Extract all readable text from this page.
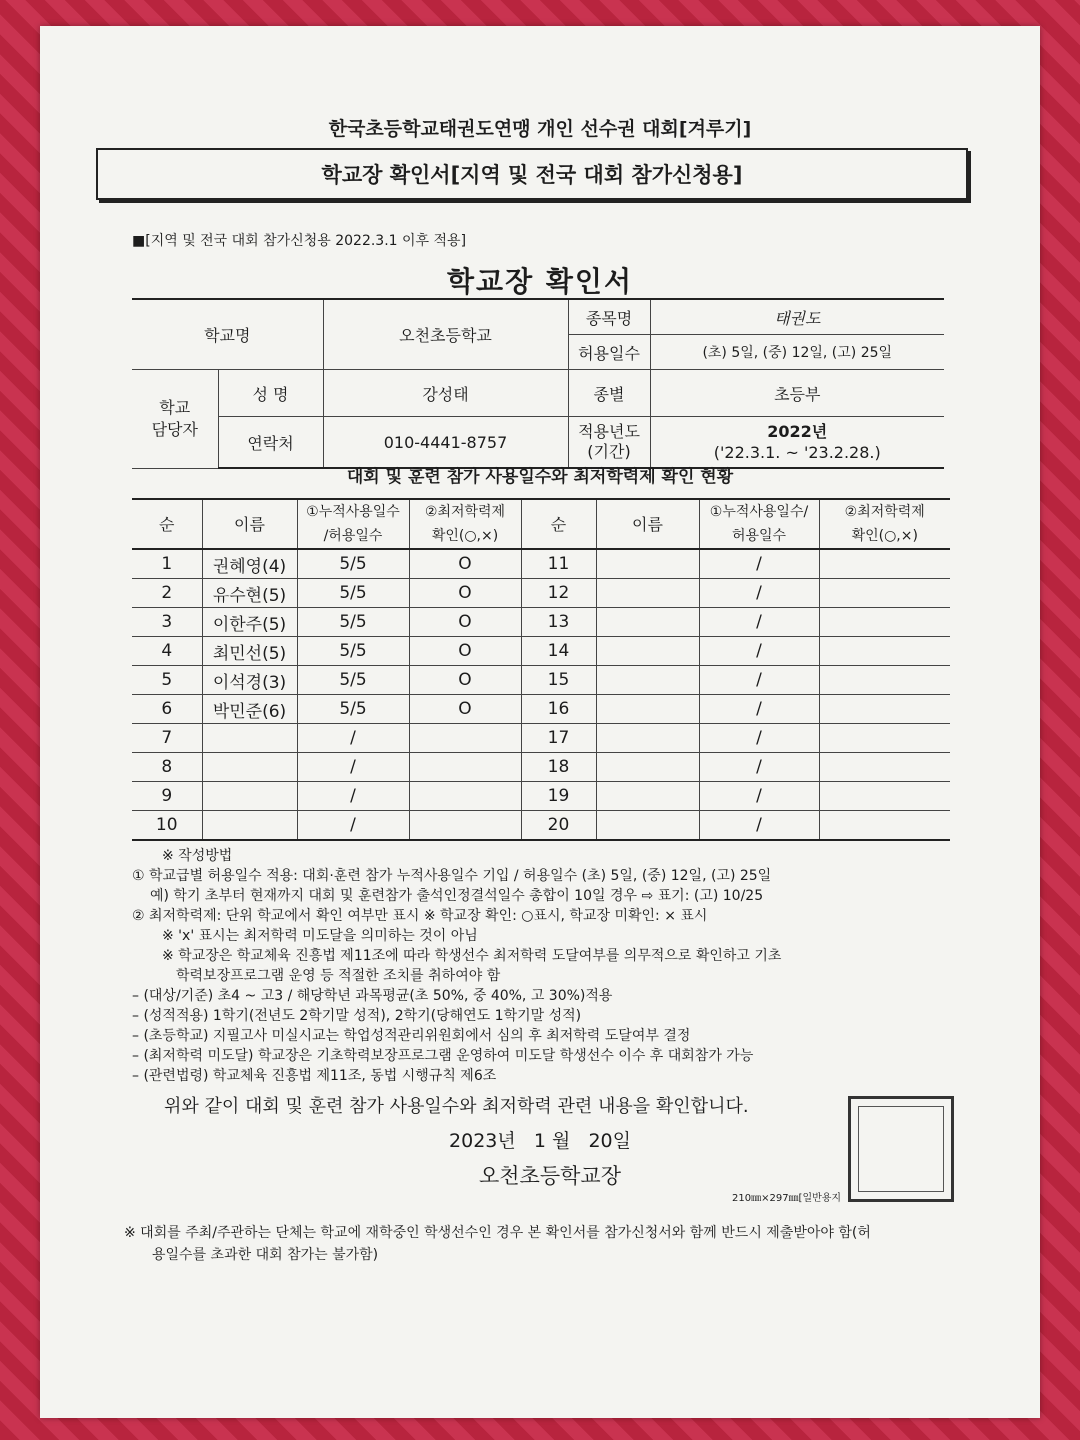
한국초등학교태권도연맹 개인 선수권 대회[겨루기]
학교장 확인서[지역 및 전국 대회 참가신청용]
■[지역 및 전국 대회 참가신청용 2022.3.1 이후 적용]
학교장 확인서
학교명		오천초등학교	종목명	태권도
			허용일수	(초) 5일, (중) 12일, (고) 25일
학교
담당자	성 명	강성태	종별	초등부
	연락처	010-4441-8757	적용년도
(기간)	2022년
('22.3.1. ~ '23.2.28.)
대회 및 훈련 참가 사용일수와 최저학력제 확인 현황
순	이름	①누적사용일수	②최저학력제	순	이름	①누적사용일수/	②최저학력제
		/허용일수	확인(○,×)			허용일수	확인(○,×)
1	권혜영(4)	5/5	O	11		/	
2	유수현(5)	5/5	O	12		/	
3	이한주(5)	5/5	O	13		/	
4	최민선(5)	5/5	O	14		/	
5	이석경(3)	5/5	O	15		/	
6	박민준(6)	5/5	O	16		/	
7		/		17		/	
8		/		18		/	
9		/		19		/	
10		/		20		/	
※ 작성방법
① 학교급별 허용일수 적용: 대회·훈련 참가 누적사용일수 기입 / 허용일수 (초) 5일, (중) 12일, (고) 25일
예) 학기 초부터 현재까지 대회 및 훈련참가 출석인정결석일수 총합이 10일 경우 ⇨ 표기: (고) 10/25
② 최저학력제: 단위 학교에서 확인 여부만 표시 ※ 학교장 확인: ○표시, 학교장 미확인: × 표시
※ 'x' 표시는 최저학력 미도달을 의미하는 것이 아님
※ 학교장은 학교체육 진흥법 제11조에 따라 학생선수 최저학력 도달여부를 의무적으로 확인하고 기초
학력보장프로그램 운영 등 적절한 조치를 취하여야 함
– (대상/기준) 초4 ~ 고3 / 해당학년 과목평균(초 50%, 중 40%, 고 30%)적용
– (성적적용) 1학기(전년도 2학기말 성적), 2학기(당해연도 1학기말 성적)
– (초등학교) 지필고사 미실시교는 학업성적관리위원회에서 심의 후 최저학력 도달여부 결정
– (최저학력 미도달) 학교장은 기초학력보장프로그램 운영하여 미도달 학생선수 이수 후 대회참가 가능
– (관련법령) 학교체육 진흥법 제11조, 동법 시행규칙 제6조
위와 같이 대회 및 훈련 참가 사용일수와 최저학력 관련 내용을 확인합니다.
2023년   1 월   20일
오천초등학교장
210㎜×297㎜[일반용지
※ 대회를 주최/주관하는 단체는 학교에 재학중인 학생선수인 경우 본 확인서를 참가신청서와 함께 반드시 제출받아야 함(허
용일수를 초과한 대회 참가는 불가함)
